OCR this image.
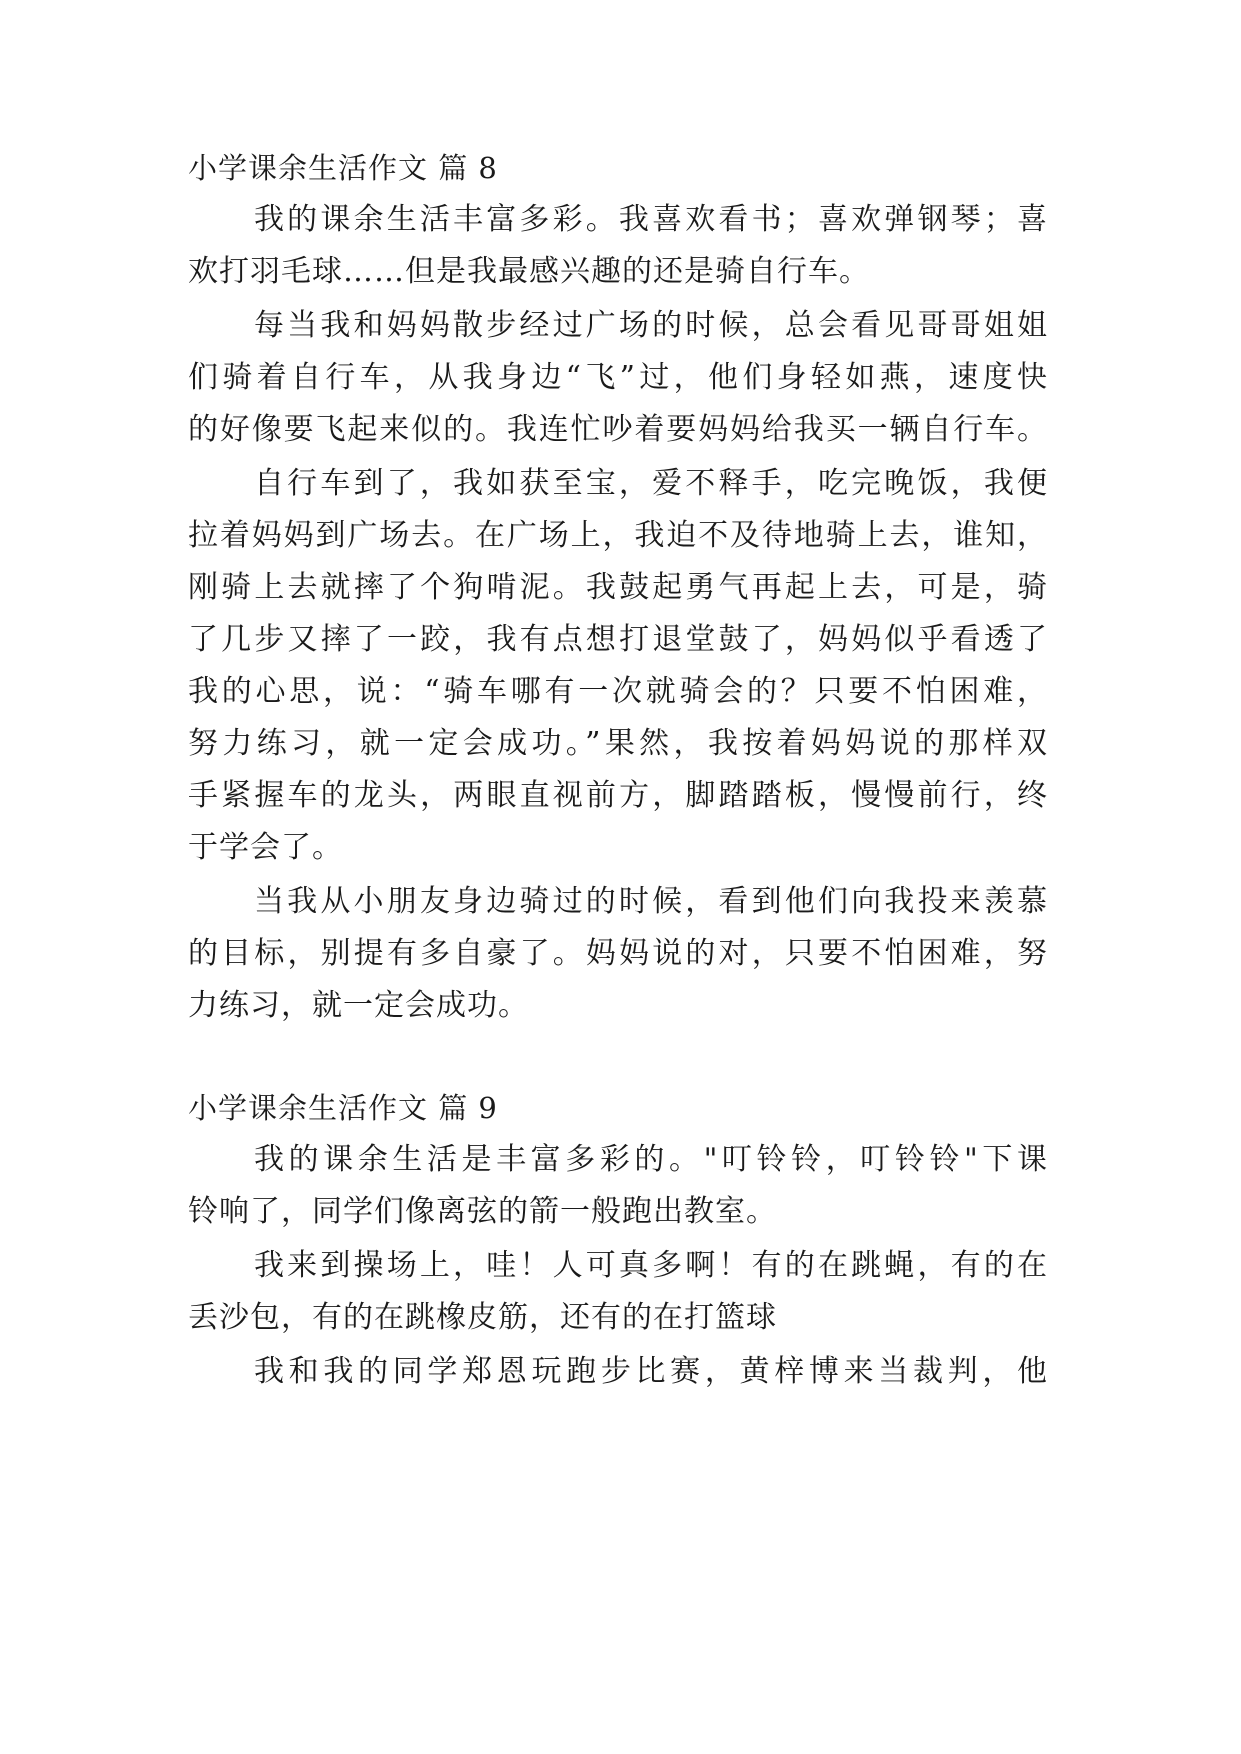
小学课余生活作文 篇 8
我的课余生活丰富多彩。我喜欢看书；喜欢弹钢琴；喜
欢打羽毛球……但是我最感兴趣的还是骑自行车。
每当我和妈妈散步经过广场的时候，总会看见哥哥姐姐
们骑着自行车，从我身边“飞”过，他们身轻如燕，速度快
的好像要飞起来似的。我连忙吵着要妈妈给我买一辆自行车。
自行车到了，我如获至宝，爱不释手，吃完晚饭，我便
拉着妈妈到广场去。在广场上，我迫不及待地骑上去，谁知，
刚骑上去就摔了个狗啃泥。我鼓起勇气再起上去，可是，骑
了几步又摔了一跤，我有点想打退堂鼓了，妈妈似乎看透了
我的心思，说：“骑车哪有一次就骑会的？只要不怕困难，
努力练习，就一定会成功。”果然，我按着妈妈说的那样双
手紧握车的龙头，两眼直视前方，脚踏踏板，慢慢前行，终
于学会了。
当我从小朋友身边骑过的时候，看到他们向我投来羡慕
的目标，别提有多自豪了。妈妈说的对，只要不怕困难，努
力练习，就一定会成功。
小学课余生活作文 篇 9
我的课余生活是丰富多彩的。"叮铃铃，叮铃铃"下课
铃响了，同学们像离弦的箭一般跑出教室。
我来到操场上，哇！人可真多啊！有的在跳蝇，有的在
丢沙包，有的在跳橡皮筋，还有的在打篮球
我和我的同学郑恩玩跑步比赛，黄梓博来当裁判，他
